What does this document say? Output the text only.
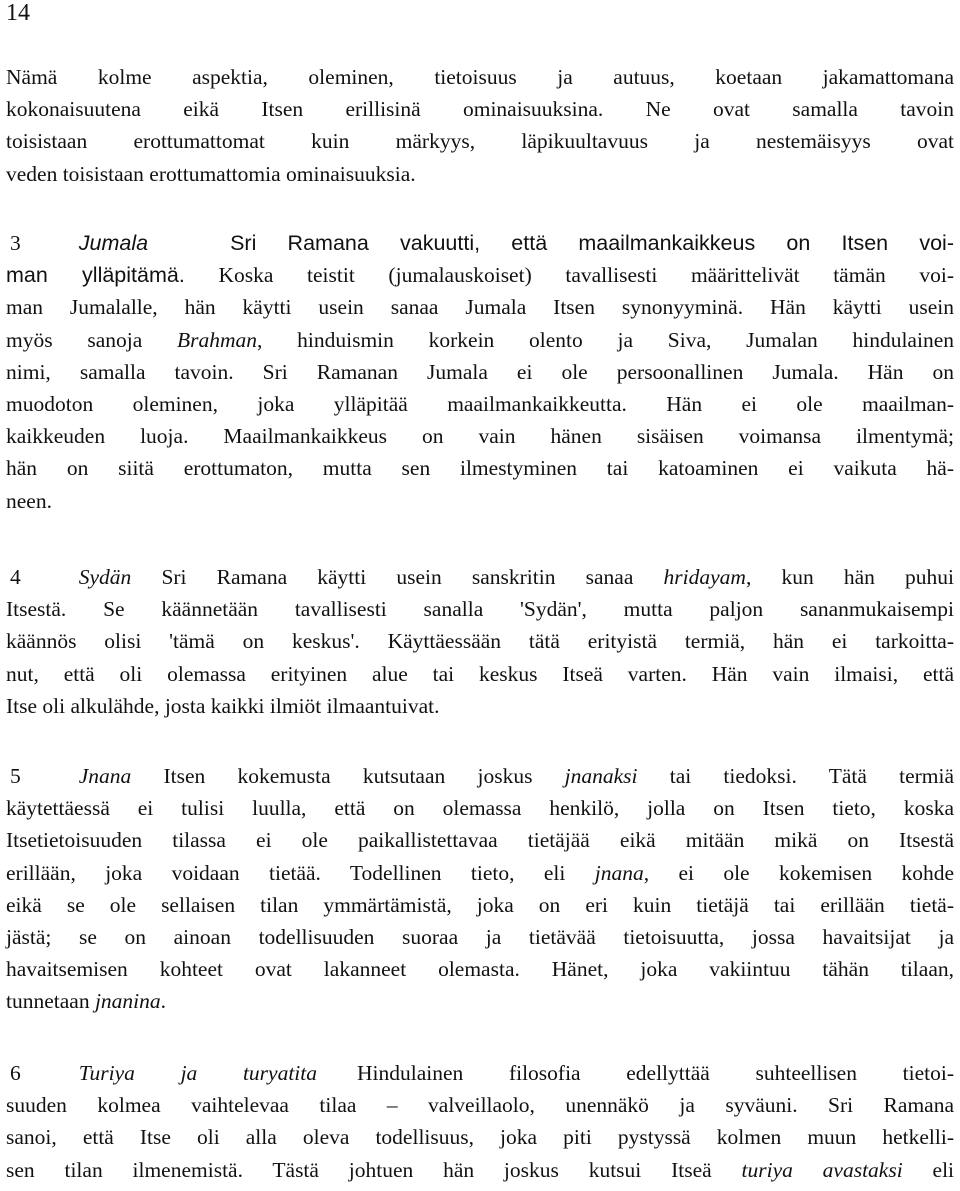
14
Nämä kolme aspektia, oleminen, tietoisuus ja autuus, koetaan jakamattomana
kokonaisuutena eikä Itsen erillisinä ominaisuuksina. Ne ovat samalla tavoin
toisistaan erottumattomat kuin märkyys, läpikuultavuus ja nestemäisyys ovat
veden toisistaan erottumattomia ominaisuuksia.
3	Jumala	Sri Ramana vakuutti, että maailmankaikkeus on Itsen voi-
man ylläpitämä. Koska teistit (jumalauskoiset) tavallisesti määrittelivät tämän voi-
man Jumalalle, hän käytti usein sanaa Jumala Itsen synonyyminä. Hän käytti usein
myös sanoja Brahman, hinduismin korkein olento ja Siva, Jumalan hindulainen
nimi, samalla tavoin. Sri Ramanan Jumala ei ole persoonallinen Jumala. Hän on
muodoton oleminen, joka ylläpitää maailmankaikkeutta. Hän ei ole maailman-
kaikkeuden luoja. Maailmankaikkeus on vain hänen sisäisen voimansa ilmentymä;
hän on siitä erottumaton, mutta sen ilmestyminen tai katoaminen ei vaikuta hä-
neen.
4	Sydän Sri Ramana käytti usein sanskritin sanaa hridayam, kun hän puhui
Itsestä. Se käännetään tavallisesti sanalla 'Sydän', mutta paljon sananmukaisempi
käännös olisi 'tämä on keskus'. Käyttäessään tätä erityistä termiä, hän ei tarkoitta-
nut, että oli olemassa erityinen alue tai keskus Itseä varten. Hän vain ilmaisi, että
Itse oli alkulähde, josta kaikki ilmiöt ilmaantuivat.
5	Jnana Itsen kokemusta kutsutaan joskus jnanaksi tai tiedoksi. Tätä termiä
käytettäessä ei tulisi luulla, että on olemassa henkilö, jolla on Itsen tieto, koska
Itsetietoisuuden tilassa ei ole paikallistettavaa tietäjää eikä mitään mikä on Itsestä
erillään, joka voidaan tietää. Todellinen tieto, eli jnana, ei ole kokemisen kohde
eikä se ole sellaisen tilan ymmärtämistä, joka on eri kuin tietäjä tai erillään tietä-
jästä; se on ainoan todellisuuden suoraa ja tietävää tietoisuutta, jossa havaitsijat ja
havaitsemisen kohteet ovat lakanneet olemasta. Hänet, joka vakiintuu tähän tilaan,
tunnetaan jnanina.
6	Turiya ja turyatita Hindulainen filosofia edellyttää suhteellisen tietoi-
suuden kolmea vaihtelevaa tilaa – valveillaolo, unennäkö ja syväuni. Sri Ramana
sanoi, että Itse oli alla oleva todellisuus, joka piti pystyssä kolmen muun hetkelli-
sen tilan ilmenemistä. Tästä johtuen hän joskus kutsui Itseä turiya avastaksi eli
